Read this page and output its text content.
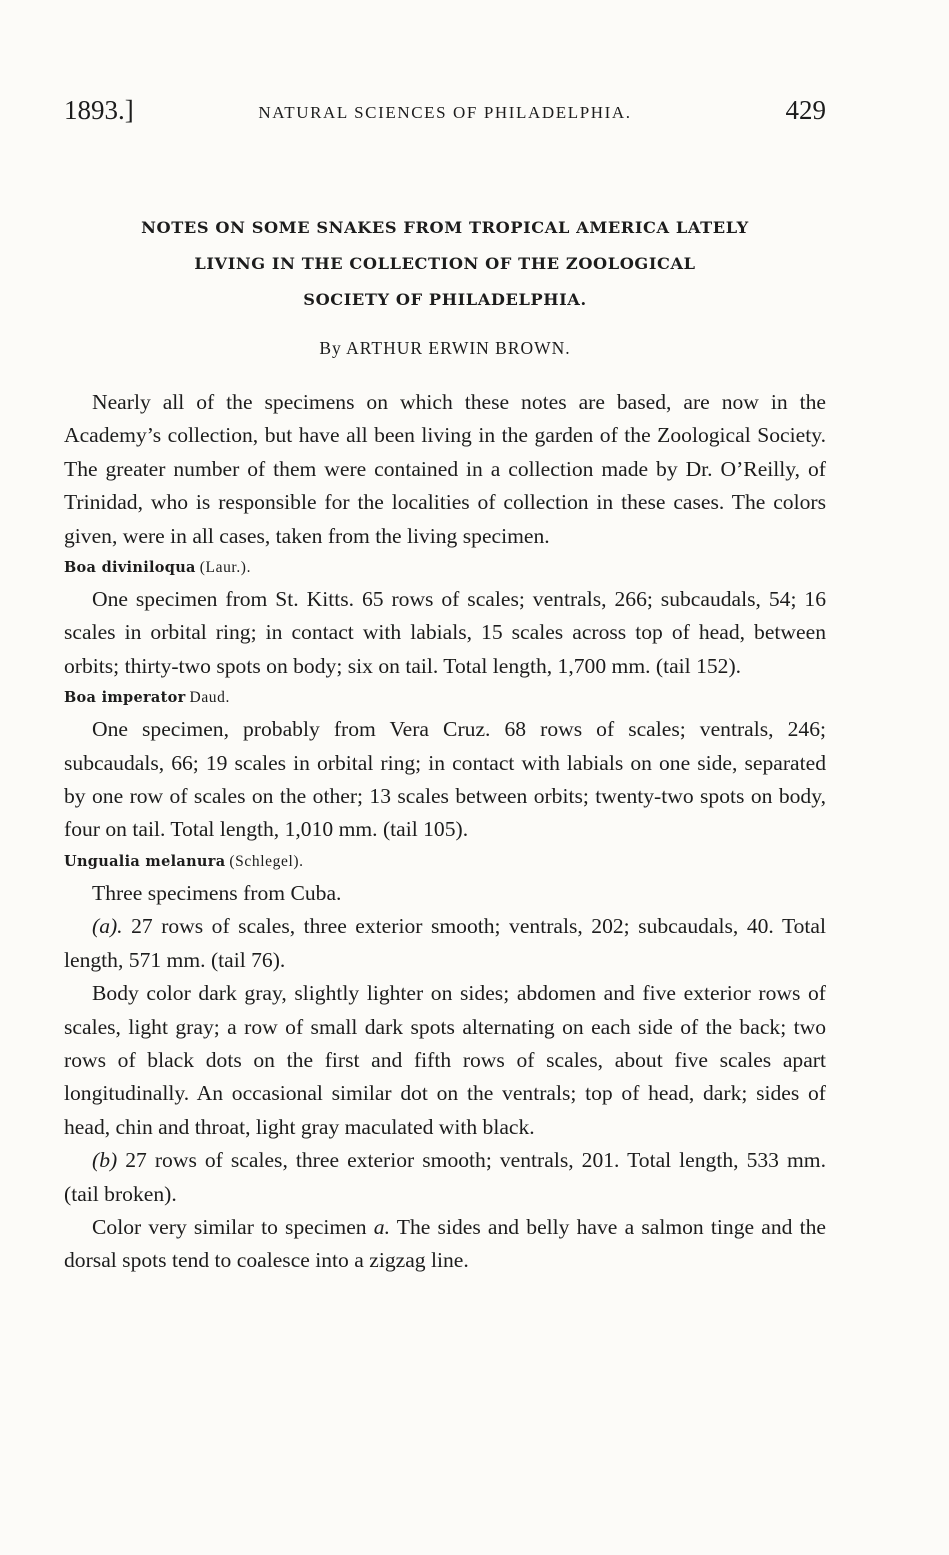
1893.]	NATURAL SCIENCES OF PHILADELPHIA.	429
NOTES ON SOME SNAKES FROM TROPICAL AMERICA LATELY
LIVING IN THE COLLECTION OF THE ZOOLOGICAL
SOCIETY OF PHILADELPHIA.
By ARTHUR ERWIN BROWN.

Nearly all of the specimens on which these notes are based, are now in the Academy’s collection, but have all been living in the garden of the Zoological Society. The greater number of them were contained in a collection made by Dr. O’Reilly, of Trinidad, who is responsible for the localities of collection in these cases. The colors given, were in all cases, taken from the living specimen.

Boa diviniloqua (Laur.).

One specimen from St. Kitts. 65 rows of scales; ventrals, 266; subcaudals, 54; 16 scales in orbital ring; in contact with labials, 15 scales across top of head, between orbits; thirty-two spots on body; six on tail. Total length, 1,700 mm. (tail 152).

Boa imperator Daud.

One specimen, probably from Vera Cruz. 68 rows of scales; ventrals, 246; subcaudals, 66; 19 scales in orbital ring; in contact with labials on one side, separated by one row of scales on the other; 13 scales between orbits; twenty-two spots on body, four on tail. Total length, 1,010 mm. (tail 105).

Ungualia melanura (Schlegel).

Three specimens from Cuba.

(a). 27 rows of scales, three exterior smooth; ventrals, 202; subcaudals, 40. Total length, 571 mm. (tail 76).

Body color dark gray, slightly lighter on sides; abdomen and five exterior rows of scales, light gray; a row of small dark spots alternating on each side of the back; two rows of black dots on the first and fifth rows of scales, about five scales apart longitudinally. An occasional similar dot on the ventrals; top of head, dark; sides of head, chin and throat, light gray maculated with black.

(b) 27 rows of scales, three exterior smooth; ventrals, 201. Total length, 533 mm. (tail broken).

Color very similar to specimen a. The sides and belly have a salmon tinge and the dorsal spots tend to coalesce into a zigzag line.
